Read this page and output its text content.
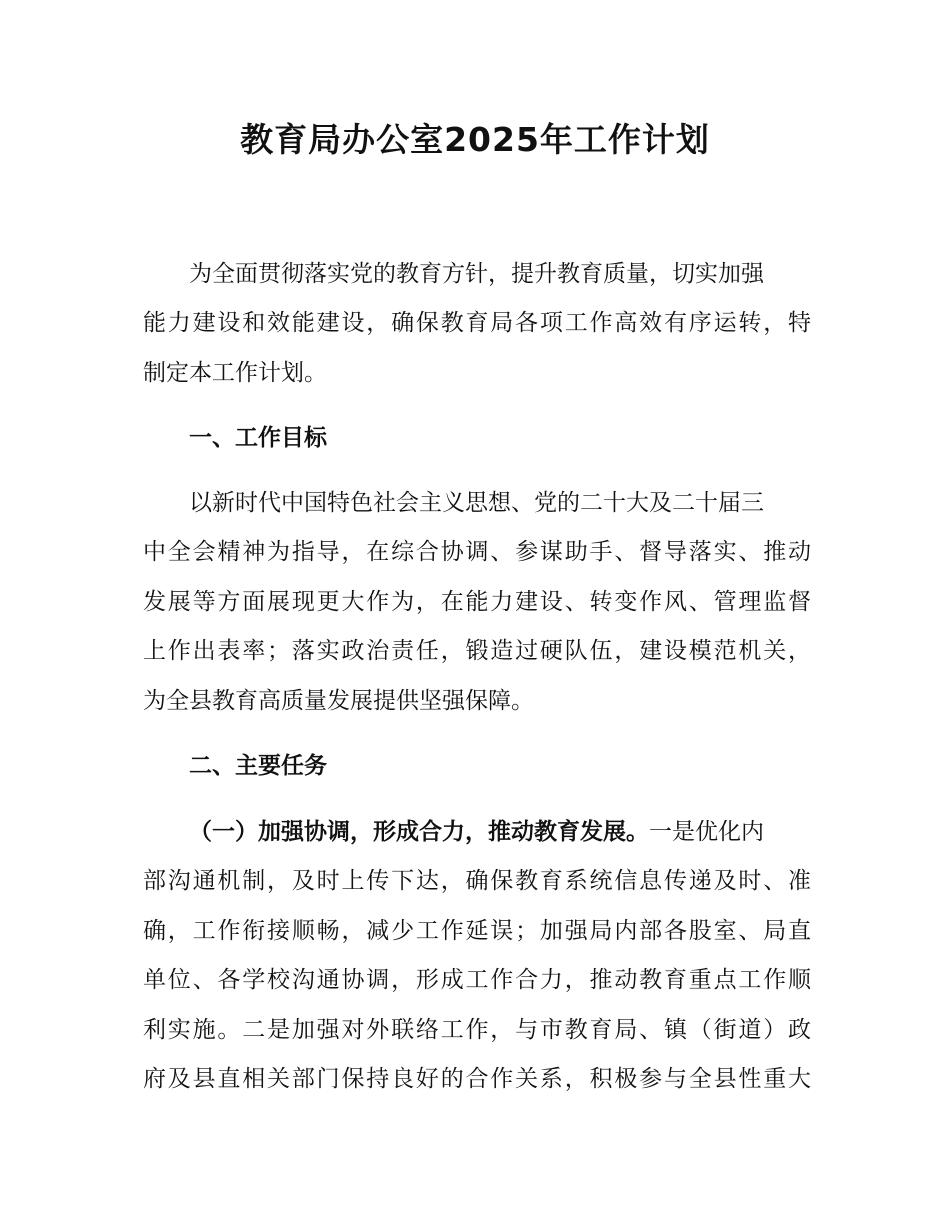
教育局办公室2025年工作计划
为全面贯彻落实党的教育方针，提升教育质量，切实加强
能力建设和效能建设，确保教育局各项工作高效有序运转，特
制定本工作计划。
一、工作目标
以新时代中国特色社会主义思想、党的二十大及二十届三
中全会精神为指导，在综合协调、参谋助手、督导落实、推动
发展等方面展现更大作为，在能力建设、转变作风、管理监督
上作出表率；落实政治责任，锻造过硬队伍，建设模范机关，
为全县教育高质量发展提供坚强保障。
二、主要任务
（一）加强协调，形成合力，推动教育发展。一是优化内
部沟通机制，及时上传下达，确保教育系统信息传递及时、准
确，工作衔接顺畅，减少工作延误；加强局内部各股室、局直
单位、各学校沟通协调，形成工作合力，推动教育重点工作顺
利实施。二是加强对外联络工作，与市教育局、镇（街道）政
府及县直相关部门保持良好的合作关系，积极参与全县性重大
